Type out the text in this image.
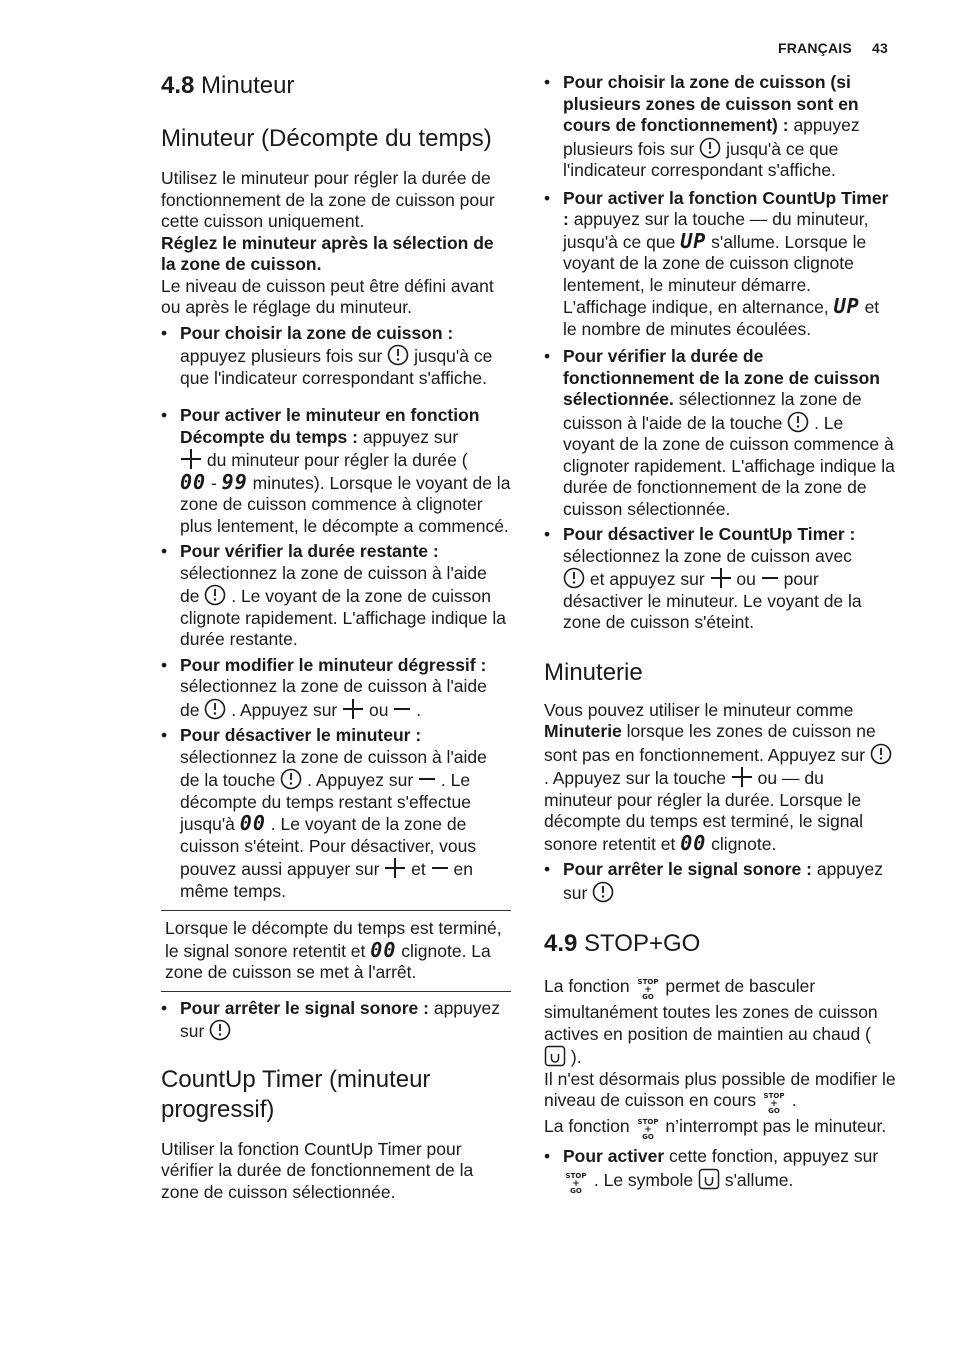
FRANÇAIS 43
4.8 Minuteur
Minuteur (Décompte du temps)

Utilisez le minuteur pour régler la durée de fonctionnement de la zone de cuisson pour cette cuisson uniquement.
Réglez le minuteur après la sélection de la zone de cuisson.
Le niveau de cuisson peut être défini avant ou après le réglage du minuteur.

• Pour choisir la zone de cuisson :
appuyez plusieurs fois sur jusqu'à ce que l'indicateur correspondant s'affiche.
• Pour activer le minuteur en fonction Décompte du temps : appuyez sur
du minuteur pour régler la durée (
00 - 99 minutes). Lorsque le voyant de la zone de cuisson commence à clignoter plus lentement, le décompte a commencé.
• Pour vérifier la durée restante : sélectionnez la zone de cuisson à l'aide de . Le voyant de la zone de cuisson clignote rapidement. L'affichage indique la durée restante.
• Pour modifier le minuteur dégressif : sélectionnez la zone de cuisson à l'aide de . Appuyez sur ou .
• Pour désactiver le minuteur : sélectionnez la zone de cuisson à l'aide de la touche . Appuyez sur . Le décompte du temps restant s'effectue jusqu'à 00 . Le voyant de la zone de cuisson s'éteint. Pour désactiver, vous pouvez aussi appuyer sur et en même temps.
Lorsque le décompte du temps est terminé, le signal sonore retentit et 00 clignote. La zone de cuisson se met à l'arrêt.
• Pour arrêter le signal sonore : appuyez sur
CountUp Timer (minuteur progressif)

Utiliser la fonction CountUp Timer pour vérifier la durée de fonctionnement de la zone de cuisson sélectionnée.

• Pour choisir la zone de cuisson (si plusieurs zones de cuisson sont en cours de fonctionnement) : appuyez plusieurs fois sur jusqu'à ce que l'indicateur correspondant s'affiche.
• Pour activer la fonction CountUp Timer : appuyez sur la touche — du minuteur, jusqu'à ce que UP s'allume. Lorsque le voyant de la zone de cuisson clignote lentement, le minuteur démarre. L'affichage indique, en alternance, UP et le nombre de minutes écoulées.
• Pour vérifier la durée de fonctionnement de la zone de cuisson sélectionnée. sélectionnez la zone de cuisson à l'aide de la touche . Le voyant de la zone de cuisson commence à clignoter rapidement. L'affichage indique la durée de fonctionnement de la zone de cuisson sélectionnée.
• Pour désactiver le CountUp Timer :
sélectionnez la zone de cuisson avec
et appuyez sur ou pour désactiver le minuteur. Le voyant de la zone de cuisson s'éteint.
Minuterie

Vous pouvez utiliser le minuteur comme Minuterie lorsque les zones de cuisson ne sont pas en fonctionnement. Appuyez sur  . Appuyez sur la touche ou — du minuteur pour régler la durée. Lorsque le décompte du temps est terminé, le signal sonore retentit et 00 clignote.

• Pour arrêter le signal sonore : appuyez sur
4.9 STOP+GO

La fonction STOP
+
GO
permet de basculer simultanément toutes les zones de cuisson actives en position de maintien au chaud (  ).
Il n'est désormais plus possible de modifier le niveau de cuisson en cours STOP
+
GO
.
La fonction STOP
+
GO
n’interrompt pas le minuteur.

• Pour activer cette fonction, appuyez sur
STOP
+
GO
. Le symbole s'allume.
